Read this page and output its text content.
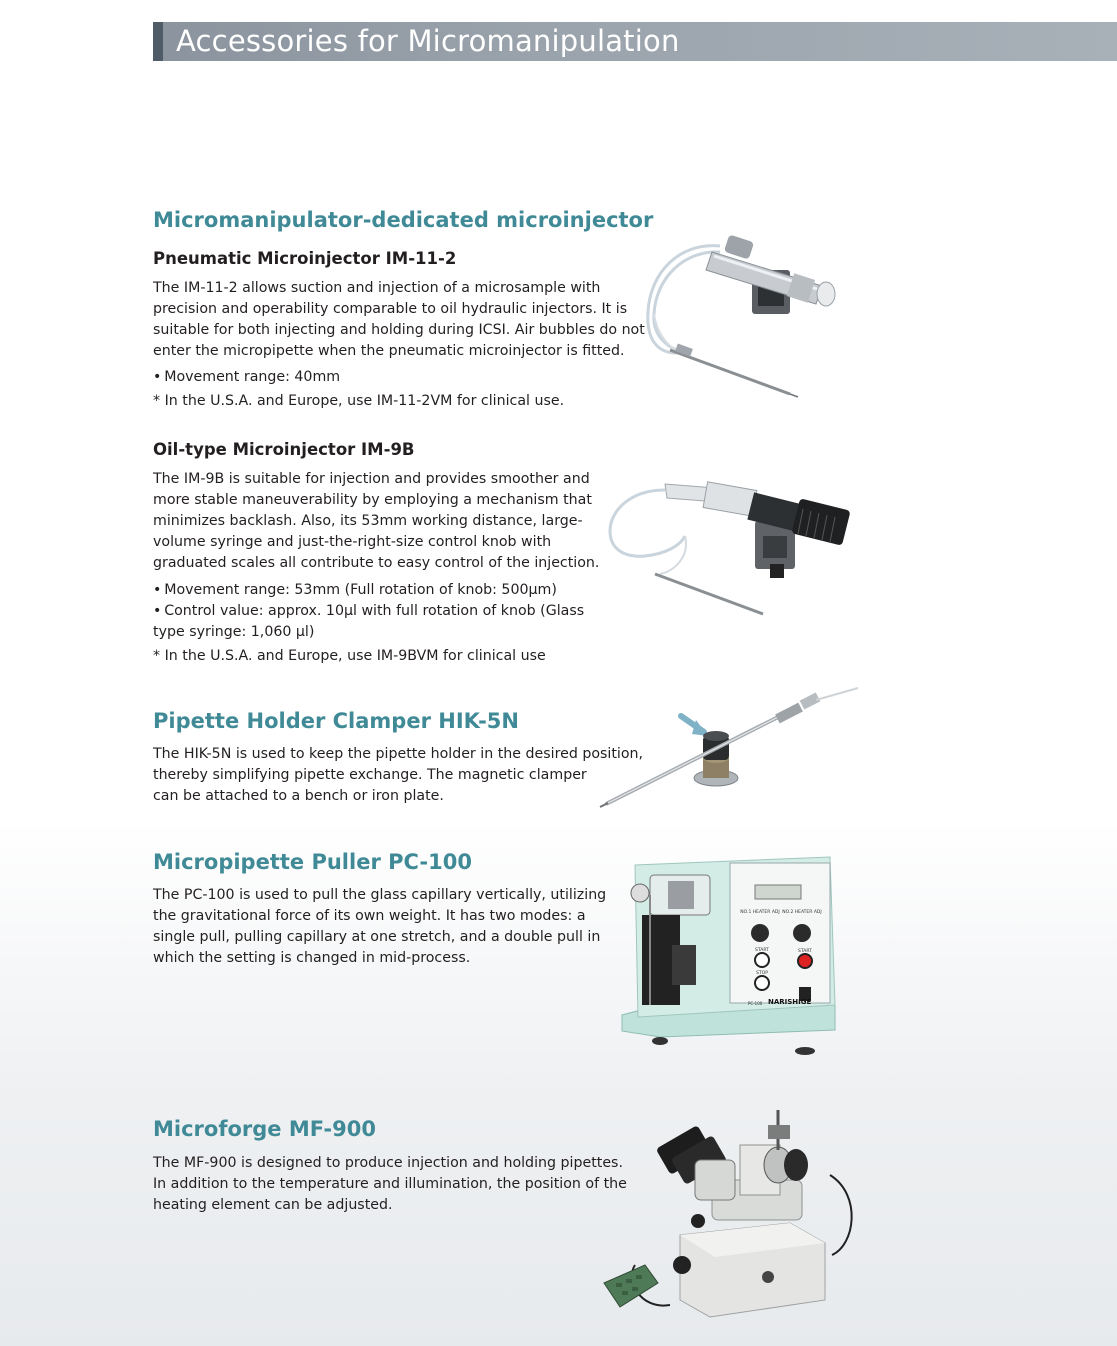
Accessories for Micromanipulation
Micromanipulator-dedicated microinjector
Pneumatic Microinjector IM-11-2
The IM-11-2 allows suction and injection of a microsample with
precision and operability comparable to oil hydraulic injectors. It is
suitable for both injecting and holding during ICSI. Air bubbles do not
enter the micropipette when the pneumatic microinjector is fitted.
• Movement range: 40mm
* In the U.S.A. and Europe, use IM-11-2VM for clinical use.
Oil-type Microinjector IM-9B
The IM-9B is suitable for injection and provides smoother and
more stable maneuverability by employing a mechanism that
minimizes backlash. Also, its 53mm working distance, large-
volume syringe and just-the-right-size control knob with
graduated scales all contribute to easy control of the injection.
• Movement range: 53mm (Full rotation of knob: 500µm)
• Control value: approx. 10µl with full rotation of knob (Glass
type syringe: 1,060 µl)
* In the U.S.A. and Europe, use IM-9BVM for clinical use
Pipette Holder Clamper HIK-5N
The HIK-5N is used to keep the pipette holder in the desired position,
thereby simplifying pipette exchange. The magnetic clamper
can be attached to a bench or iron plate.
Micropipette Puller PC-100
The PC-100 is used to pull the glass capillary vertically, utilizing
the gravitational force of its own weight. It has two modes: a
single pull, pulling capillary at one stretch, and a double pull in
which the setting is changed in mid-process.
NO.1 HEATER ADJ NO.2 HEATER ADJ
START
STOP
START
PC-100 NARISHIGE
Microforge MF-900
The MF-900 is designed to produce injection and holding pipettes.
In addition to the temperature and illumination, the position of the
heating element can be adjusted.
